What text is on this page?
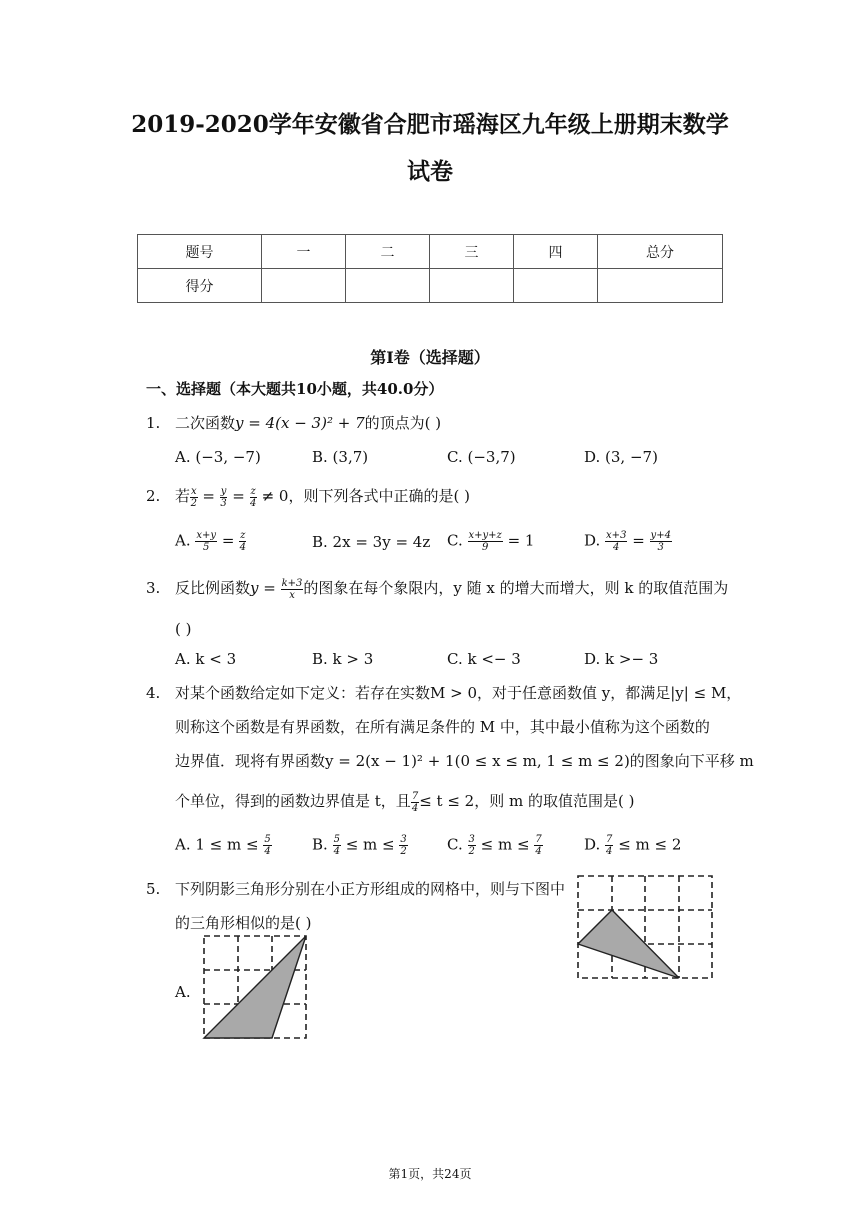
2019-2020学年安徽省合肥市瑶海区九年级上册期末数学
试卷
题号	一	二	三	四	总分
得分					
第I卷（选择题）
一、选择题（本大题共10小题，共40.0分）
1. 二次函数y = 4(x − 3)² + 7的顶点为( )
A. (−3, −7)	B. (3,7)	C. (−3,7)	D. (3, −7)
2. 若 $\frac{x}{2} = \frac{y}{3} = \frac{z}{4} \ne 0$，则下列各式中正确的是( )
A. $\frac{x+y}{5} = \frac{z}{4}$	B. 2x = 3y = 4z C. $\frac{x+y+z}{9} = 1$	D. $\frac{x+3}{4} = \frac{y+4}{3}$
3. 反比例函数$y = \frac{k+3}{x}$ 的图象在每个象限内，y 随 x 的增大而增大，则 k 的取值范围为
( )
A. k < 3	B. k > 3	C. k <− 3	D. k >− 3
4. 对某个函数给定如下定义：若存在实数M > 0，对于任意函数值 y，都满足|y| ≤ M，
则称这个函数是有界函数，在所有满足条件的 M 中，其中最小值称为这个函数的
边界值．现将有界函数y = 2(x − 1)² + 1(0 ≤ x ≤ m, 1 ≤ m ≤ 2)的图象向下平移 m
个单位，得到的函数边界值是 t，且 $\frac{7}{4} \le t \le 2$，则 m 的取值范围是( )
A. $1 \le m \le \frac{5}{4}$	B. $\frac{5}{4} \le m \le \frac{3}{2}$	C. $\frac{3}{2} \le m \le \frac{7}{4}$	D. $\frac{7}{4} \le m \le 2$
5. 下列阴影三角形分别在小正方形组成的网格中，则与下图中
的三角形相似的是( )
A.
第1页，共24页
